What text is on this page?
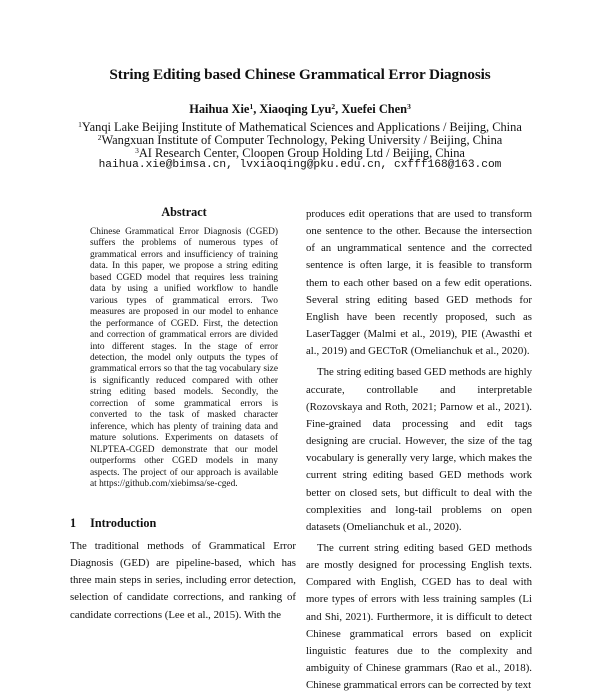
String Editing based Chinese Grammatical Error Diagnosis
Haihua Xie$^1$, Xiaoqing Lyu$^2$, Xuefei Chen$^3$
$^1$Yanqi Lake Beijing Institute of Mathematical Sciences and Applications / Beijing, China
$^2$Wangxuan Institute of Computer Technology, Peking University / Beijing, China
$^3$AI Research Center, Cloopen Group Holding Ltd / Beijing, China
haihua.xie@bimsa.cn, lvxiaoqing@pku.edu.cn, cxfff168@163.com
Abstract
Chinese Grammatical Error Diagnosis (CGED) suffers the problems of numerous types of grammatical errors and insufficiency of training data. In this paper, we propose a string editing based CGED model that requires less training data by using a unified workflow to handle various types of grammatical errors. Two measures are proposed in our model to enhance the performance of CGED. First, the detection and correction of grammatical errors are divided into different stages. In the stage of error detection, the model only outputs the types of grammatical errors so that the tag vocabulary size is significantly reduced compared with other string editing based models. Secondly, the correction of some grammatical errors is converted to the task of masked character inference, which has plenty of training data and mature solutions. Experiments on datasets of NLPTEA-CGED demonstrate that our model outperforms other CGED models in many aspects. The project of our approach is available at https://github.com/xiebimsa/se-cged.
1 Introduction
The traditional methods of Grammatical Error Diagnosis (GED) are pipeline-based, which has three main steps in series, including error detection, selection of candidate corrections, and ranking of candidate corrections (Lee et al., 2015). With the

produces edit operations that are used to transform one sentence to the other. Because the intersection of an ungrammatical sentence and the corrected sentence is often large, it is feasible to transform them to each other based on a few edit operations. Several string editing based GED methods for English have been recently proposed, such as LaserTagger (Malmi et al., 2019), PIE (Awasthi et al., 2019) and GECToR (Omelianchuk et al., 2020).

The string editing based GED methods are highly accurate, controllable and interpretable (Rozovskaya and Roth, 2021; Parnow et al., 2021). Fine-grained data processing and edit tags designing are crucial. However, the size of the tag vocabulary is generally very large, which makes the current string editing based GED methods work better on closed sets, but difficult to deal with the complexities and long-tail problems on open datasets (Omelianchuk et al., 2020).

The current string editing based GED methods are mostly designed for processing English texts. Compared with English, CGED has to deal with more types of errors with less training samples (Li and Shi, 2021). Furthermore, it is difficult to detect Chinese grammatical errors based on explicit linguistic features due to the complexity and ambiguity of Chinese grammars (Rao et al., 2018). Chinese grammatical errors can be corrected by text
